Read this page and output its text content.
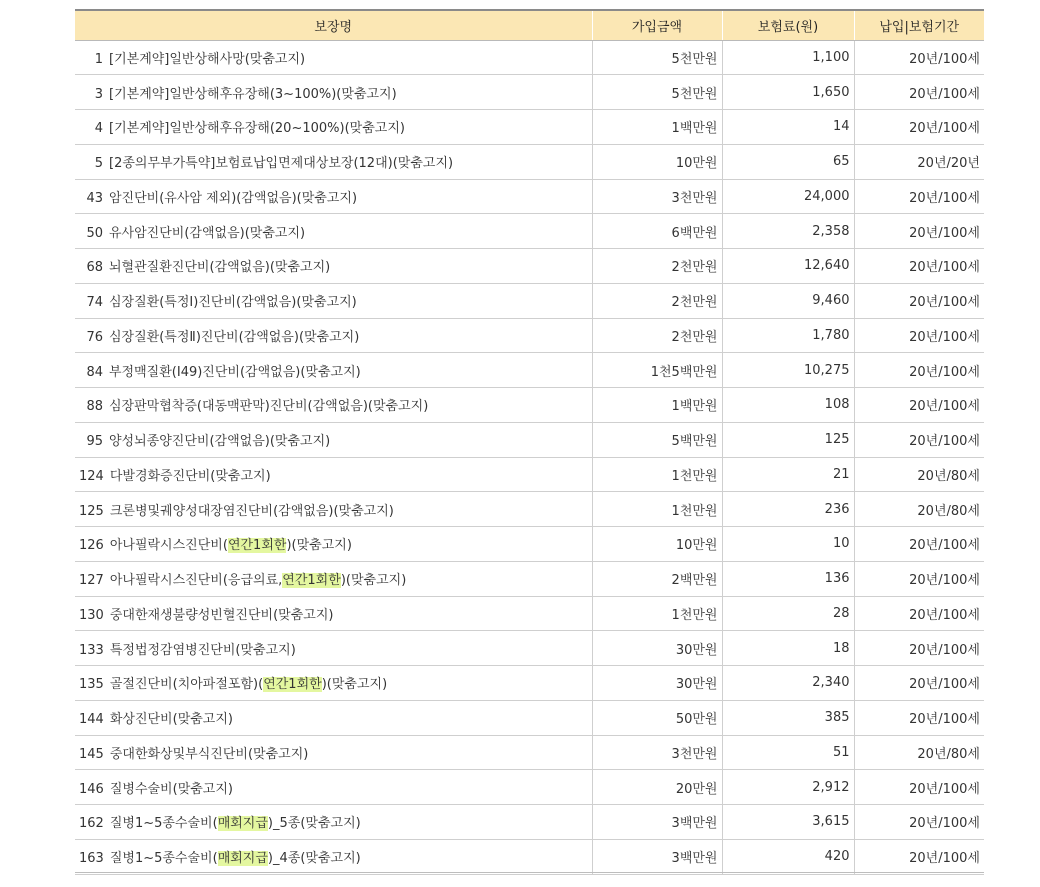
보장명	가입금액	보험료(원)	납입|보험기간
1 [기본계약]일반상해사망(맞춤고지)	5천만원	1,100	20년/100세
3 [기본계약]일반상해후유장해(3~100%)(맞춤고지)	5천만원	1,650	20년/100세
4 [기본계약]일반상해후유장해(20~100%)(맞춤고지)	1백만원	14	20년/100세
5 [2종의무부가특약]보험료납입면제대상보장(12대)(맞춤고지)	10만원	65	20년/20년
43 암진단비(유사암 제외)(감액없음)(맞춤고지)	3천만원	24,000	20년/100세
50 유사암진단비(감액없음)(맞춤고지)	6백만원	2,358	20년/100세
68 뇌혈관질환진단비(감액없음)(맞춤고지)	2천만원	12,640	20년/100세
74 심장질환(특정Ⅰ)진단비(감액없음)(맞춤고지)	2천만원	9,460	20년/100세
76 심장질환(특정Ⅱ)진단비(감액없음)(맞춤고지)	2천만원	1,780	20년/100세
84 부정맥질환(Ⅰ49)진단비(감액없음)(맞춤고지)	1천5백만원	10,275	20년/100세
88 심장판막협착증(대동맥판막)진단비(감액없음)(맞춤고지)	1백만원	108	20년/100세
95 양성뇌종양진단비(감액없음)(맞춤고지)	5백만원	125	20년/100세
124 다발경화증진단비(맞춤고지)	1천만원	21	20년/80세
125 크론병및궤양성대장염진단비(감액없음)(맞춤고지)	1천만원	236	20년/80세
126 아나필락시스진단비(연간1회한)(맞춤고지)	10만원	10	20년/100세
127 아나필락시스진단비(응급의료,연간1회한)(맞춤고지)	2백만원	136	20년/100세
130 중대한재생불량성빈혈진단비(맞춤고지)	1천만원	28	20년/100세
133 특정법정감염병진단비(맞춤고지)	30만원	18	20년/100세
135 골절진단비(치아파절포함)(연간1회한)(맞춤고지)	30만원	2,340	20년/100세
144 화상진단비(맞춤고지)	50만원	385	20년/100세
145 중대한화상및부식진단비(맞춤고지)	3천만원	51	20년/80세
146 질병수술비(맞춤고지)	20만원	2,912	20년/100세
162 질병1~5종수술비(매회지급)_5종(맞춤고지)	3백만원	3,615	20년/100세
163 질병1~5종수술비(매회지급)_4종(맞춤고지)	3백만원	420	20년/100세
